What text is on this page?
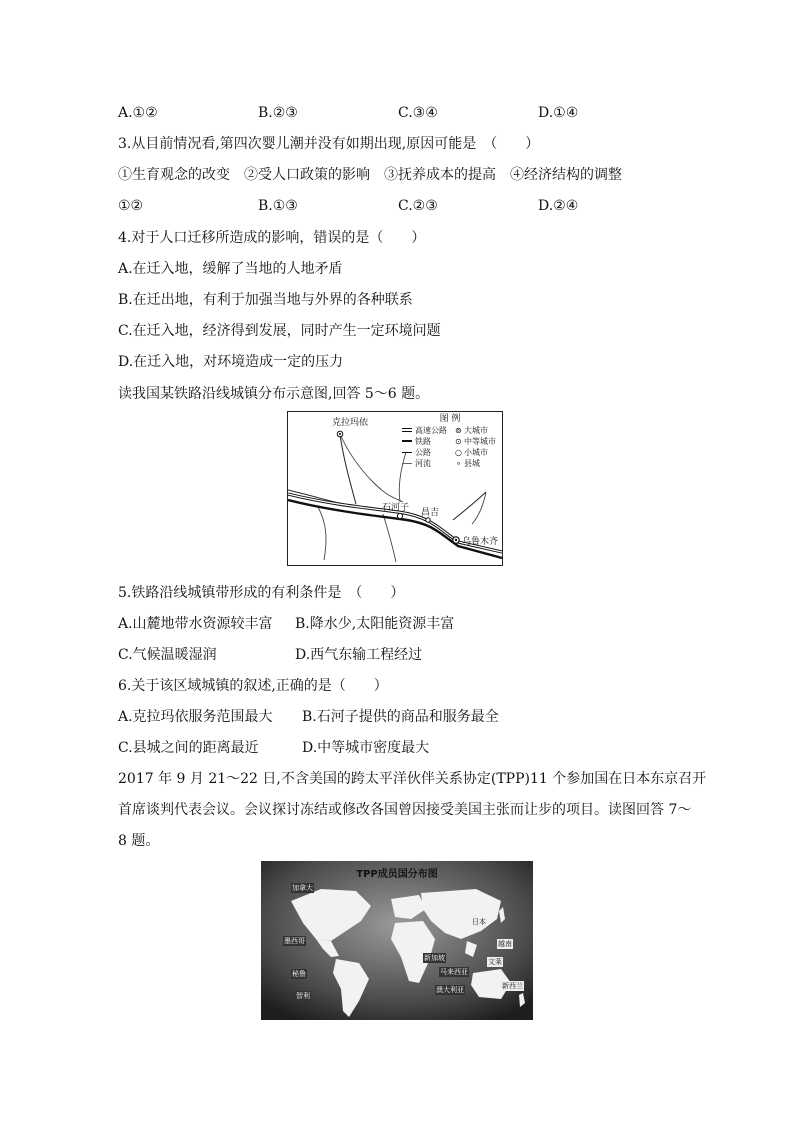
A.①②	B.②③	C.③④	D.①④
3.从目前情况看,第四次婴儿潮并没有如期出现,原因可能是　（　　）
①生育观念的改变　②受人口政策的影响　③抚养成本的提高　④经济结构的调整
①②	B.①③	C.②③	D.②④
4.对于人口迁移所造成的影响，错误的是（　　）
A.在迁入地，缓解了当地的人地矛盾
B.在迁出地，有利于加强当地与外界的各种联系
C.在迁入地，经济得到发展，同时产生一定环境问题
D.在迁入地，对环境造成一定的压力
读我国某铁路沿线城镇分布示意图,回答 5～6 题。
克拉玛依
石河子 昌吉
乌鲁木齐
图 例
高速公路 ⊚ 大城市
铁路	⊙ 中等城市
公路	○ 小城市
河流	∘ 县城
5.铁路沿线城镇带形成的有利条件是　（　　）
A.山麓地带水资源较丰富 B.降水少,太阳能资源丰富
C.气候温暖湿润	D.西气东输工程经过
6.关于该区域城镇的叙述,正确的是（　　）
A.克拉玛依服务范围最大 B.石河子提供的商品和服务最全
C.县城之间的距离最近	D.中等城市密度最大
2017 年 9 月 21～22 日,不含美国的跨太平洋伙伴关系协定(TPP)11 个参加国在日本东京召开
首席谈判代表会议。会议探讨冻结或修改各国曾因接受美国主张而让步的项目。读图回答 7～
8 题。
TPP成员国分布图
加拿大
墨西哥
秘鲁
智利
日本
越南
文莱
新加坡
马来西亚
澳大利亚	新西兰
